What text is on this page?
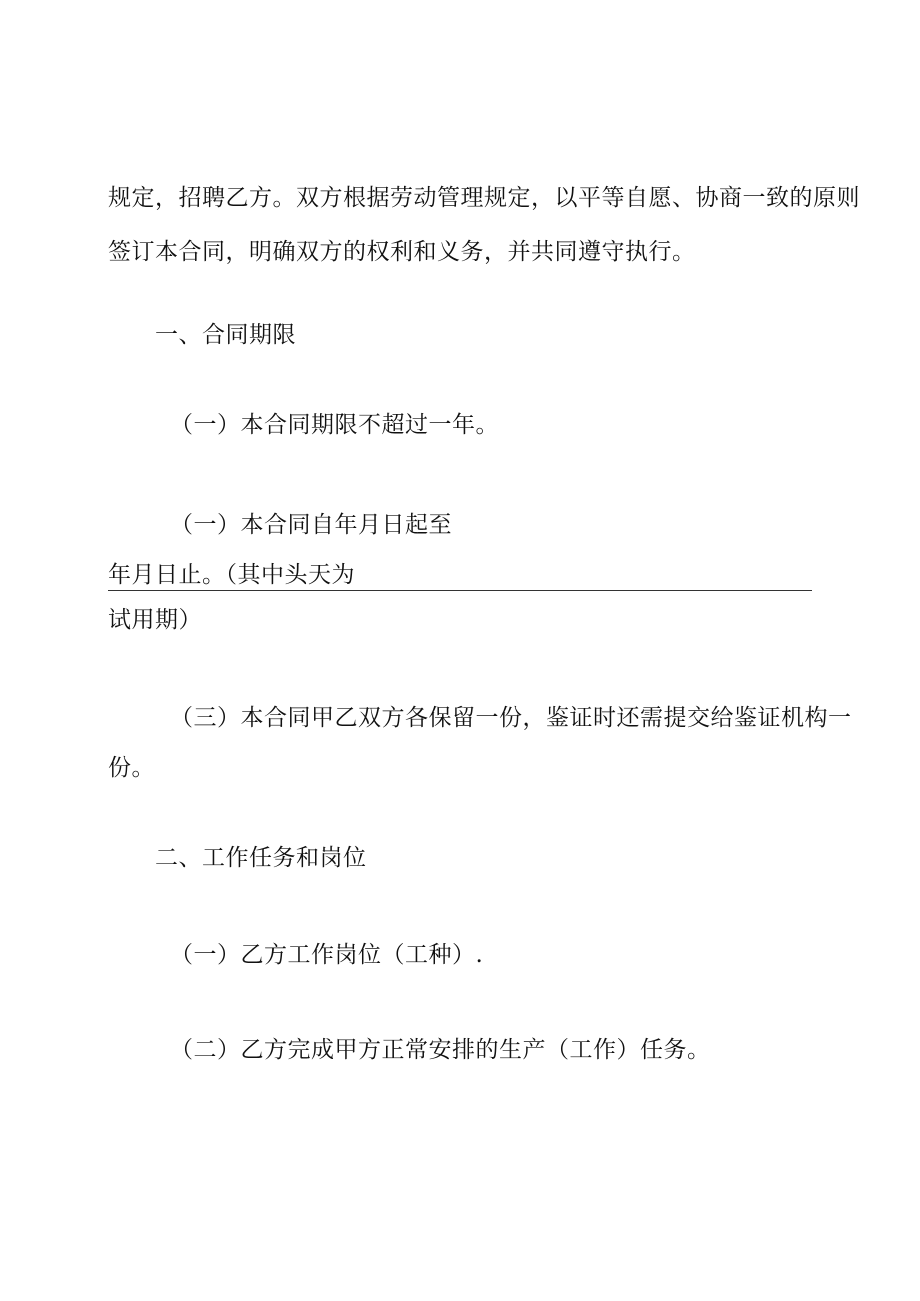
规定，招聘乙方。双方根据劳动管理规定，以平等自愿、协商一致的原则
签订本合同，明确双方的权利和义务，并共同遵守执行。
一、合同期限
（一）本合同期限不超过一年。
（一）本合同自年月日起至
年月日止。（其中头天为
试用期）
（三）本合同甲乙双方各保留一份，鉴证时还需提交给鉴证机构一
份。
二、工作任务和岗位
（一）乙方工作岗位（工种）.
（二）乙方完成甲方正常安排的生产（工作）任务。
